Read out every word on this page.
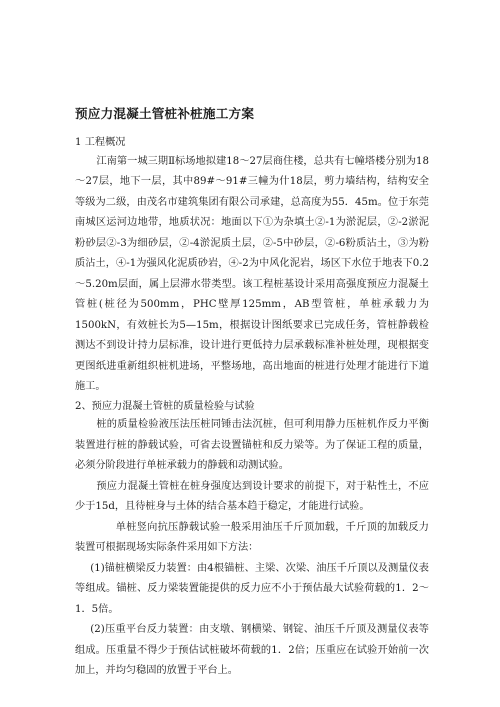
预应力混凝土管桩补桩施工方案
1 工程概况

江南第一城三期Ⅱ标场地拟建18～27层商住楼，总共有七幢塔楼分别为18～27层，地下一层，其中89#～91#三幢为什18层，剪力墙结构，结构安全等级为二级，由茂名市建筑集团有限公司承建，总高度为55．45m。位于东莞南城区运河边地带，地质状况：地面以下①为杂填土②-1为淤泥层，②-2淤泥粉砂层②-3为细砂层，②-4淤泥质土层，②-5中砂层，②-6粉质沾土，③为粉质沾土，④-1为强风化泥质砂岩，④-2为中风化泥岩，场区下水位于地表下0.2～5.20m层面，属上层滞水带类型。该工程桩基设计采用高强度预应力混凝土管桩(桩径为500mm，PHC壁厚125mm，AB型管桩，单桩承载力为1500kN，有效桩长为5—15m，根据设计图纸要求已完成任务，管桩静载检测达不到设计持力层标准，设计进行更低持力层承载标准补桩处理，现根据变更图纸进重新组织桩机进场，平整场地，高出地面的桩进行处理才能进行下道施工。

2、预应力混凝土管桩的质量检验与试验

桩的质量检验液压法压桩同锤击法沉桩，但可利用静力压桩机作反力平衡装置进行桩的静载试验，可省去设置锚桩和反力梁等。为了保证工程的质量，必须分阶段进行单桩承载力的静载和动测试验。

预应力混凝土管桩在桩身强度达到设计要求的前提下，对于粘性土，不应少于15d，且待桩身与土体的结合基本趋于稳定，才能进行试验。

单桩竖向抗压静载试验一般采用油压千斤顶加载，千斤顶的加载反力装置可根据现场实际条件采用如下方法：

(1)锚桩横梁反力装置：由4根锚桩、主梁、次梁、油压千斤顶以及测量仪表等组成。锚桩、反力梁装置能提供的反力应不小于预估最大试验荷载的1．2～1．5倍。

(2)压重平台反力装置：由支墩、钢横梁、钢锭、油压千斤顶及测量仪表等组成。压重量不得少于预估试桩破坏荷载的1．2倍；压重应在试验开始前一次加上，并均匀稳固的放置于平台上。
